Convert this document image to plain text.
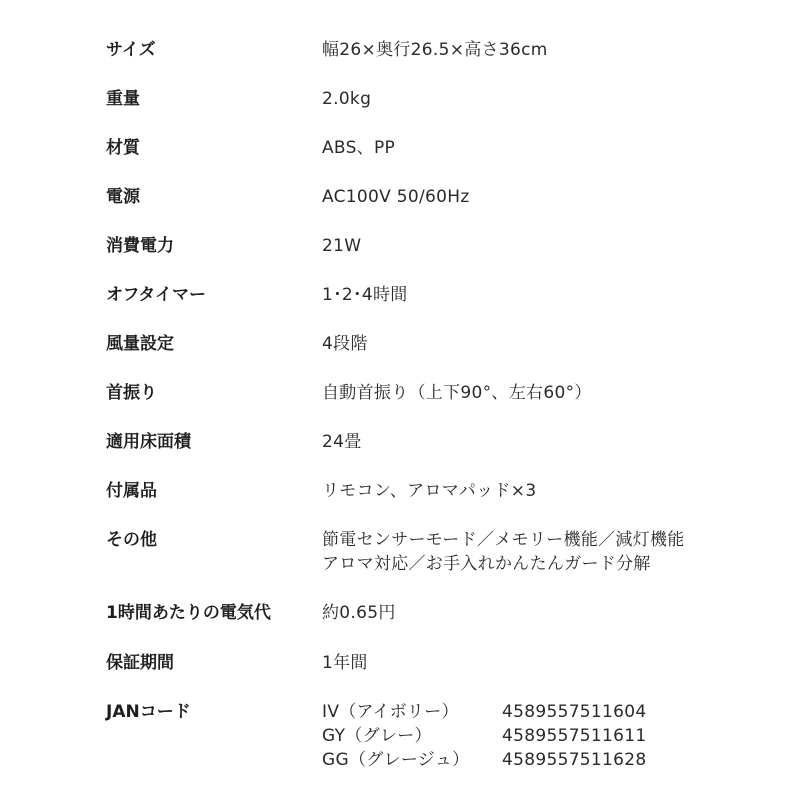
サイズ	幅26×奥行26.5×高さ36cm
重量	2.0kg
材質	ABS、PP
電源	AC100V 50/60Hz
消費電力	21W
オフタイマー	1･2･4時間
風量設定	4段階
首振り	自動首振り（上下90°、左右60°）
適用床面積	24畳
付属品	リモコン、アロマパッド×3
その他	節電センサーモード／メモリー機能／減灯機能
アロマ対応／お手入れかんたんガード分解
1時間あたりの電気代	約0.65円
保証期間	1年間
JANコード	IV（アイボリー）	4589557511604
GY（グレー）	4589557511611
GG（グレージュ） 4589557511628
